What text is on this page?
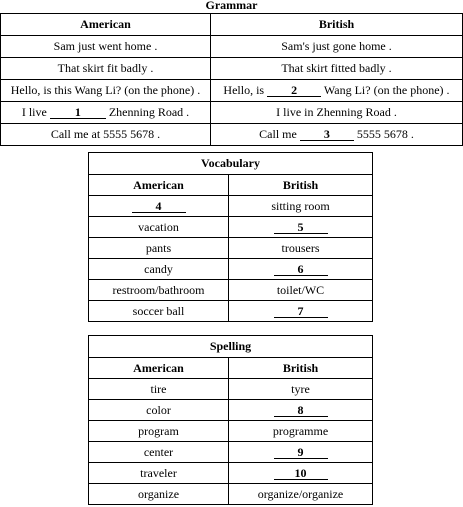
Grammar
American	British
Sam just went home .	Sam's just gone home .
That skirt fit badly .	That skirt fitted badly .
Hello, is this Wang Li? (on the phone) .	Hello, is 2 Wang Li? (on the phone) .
I live 1 Zhenning Road .	I live in Zhenning Road .
Call me at 5555 5678 .	Call me 3 5555 5678 .
Vocabulary	
American	British
4	sitting room
vacation	5
pants	trousers
candy	6
restroom/bathroom	toilet/WC
soccer ball	7
Spelling	
American	British
tire	tyre
color	8
program	programme
center	9
traveler	10
organize	organize/organize
